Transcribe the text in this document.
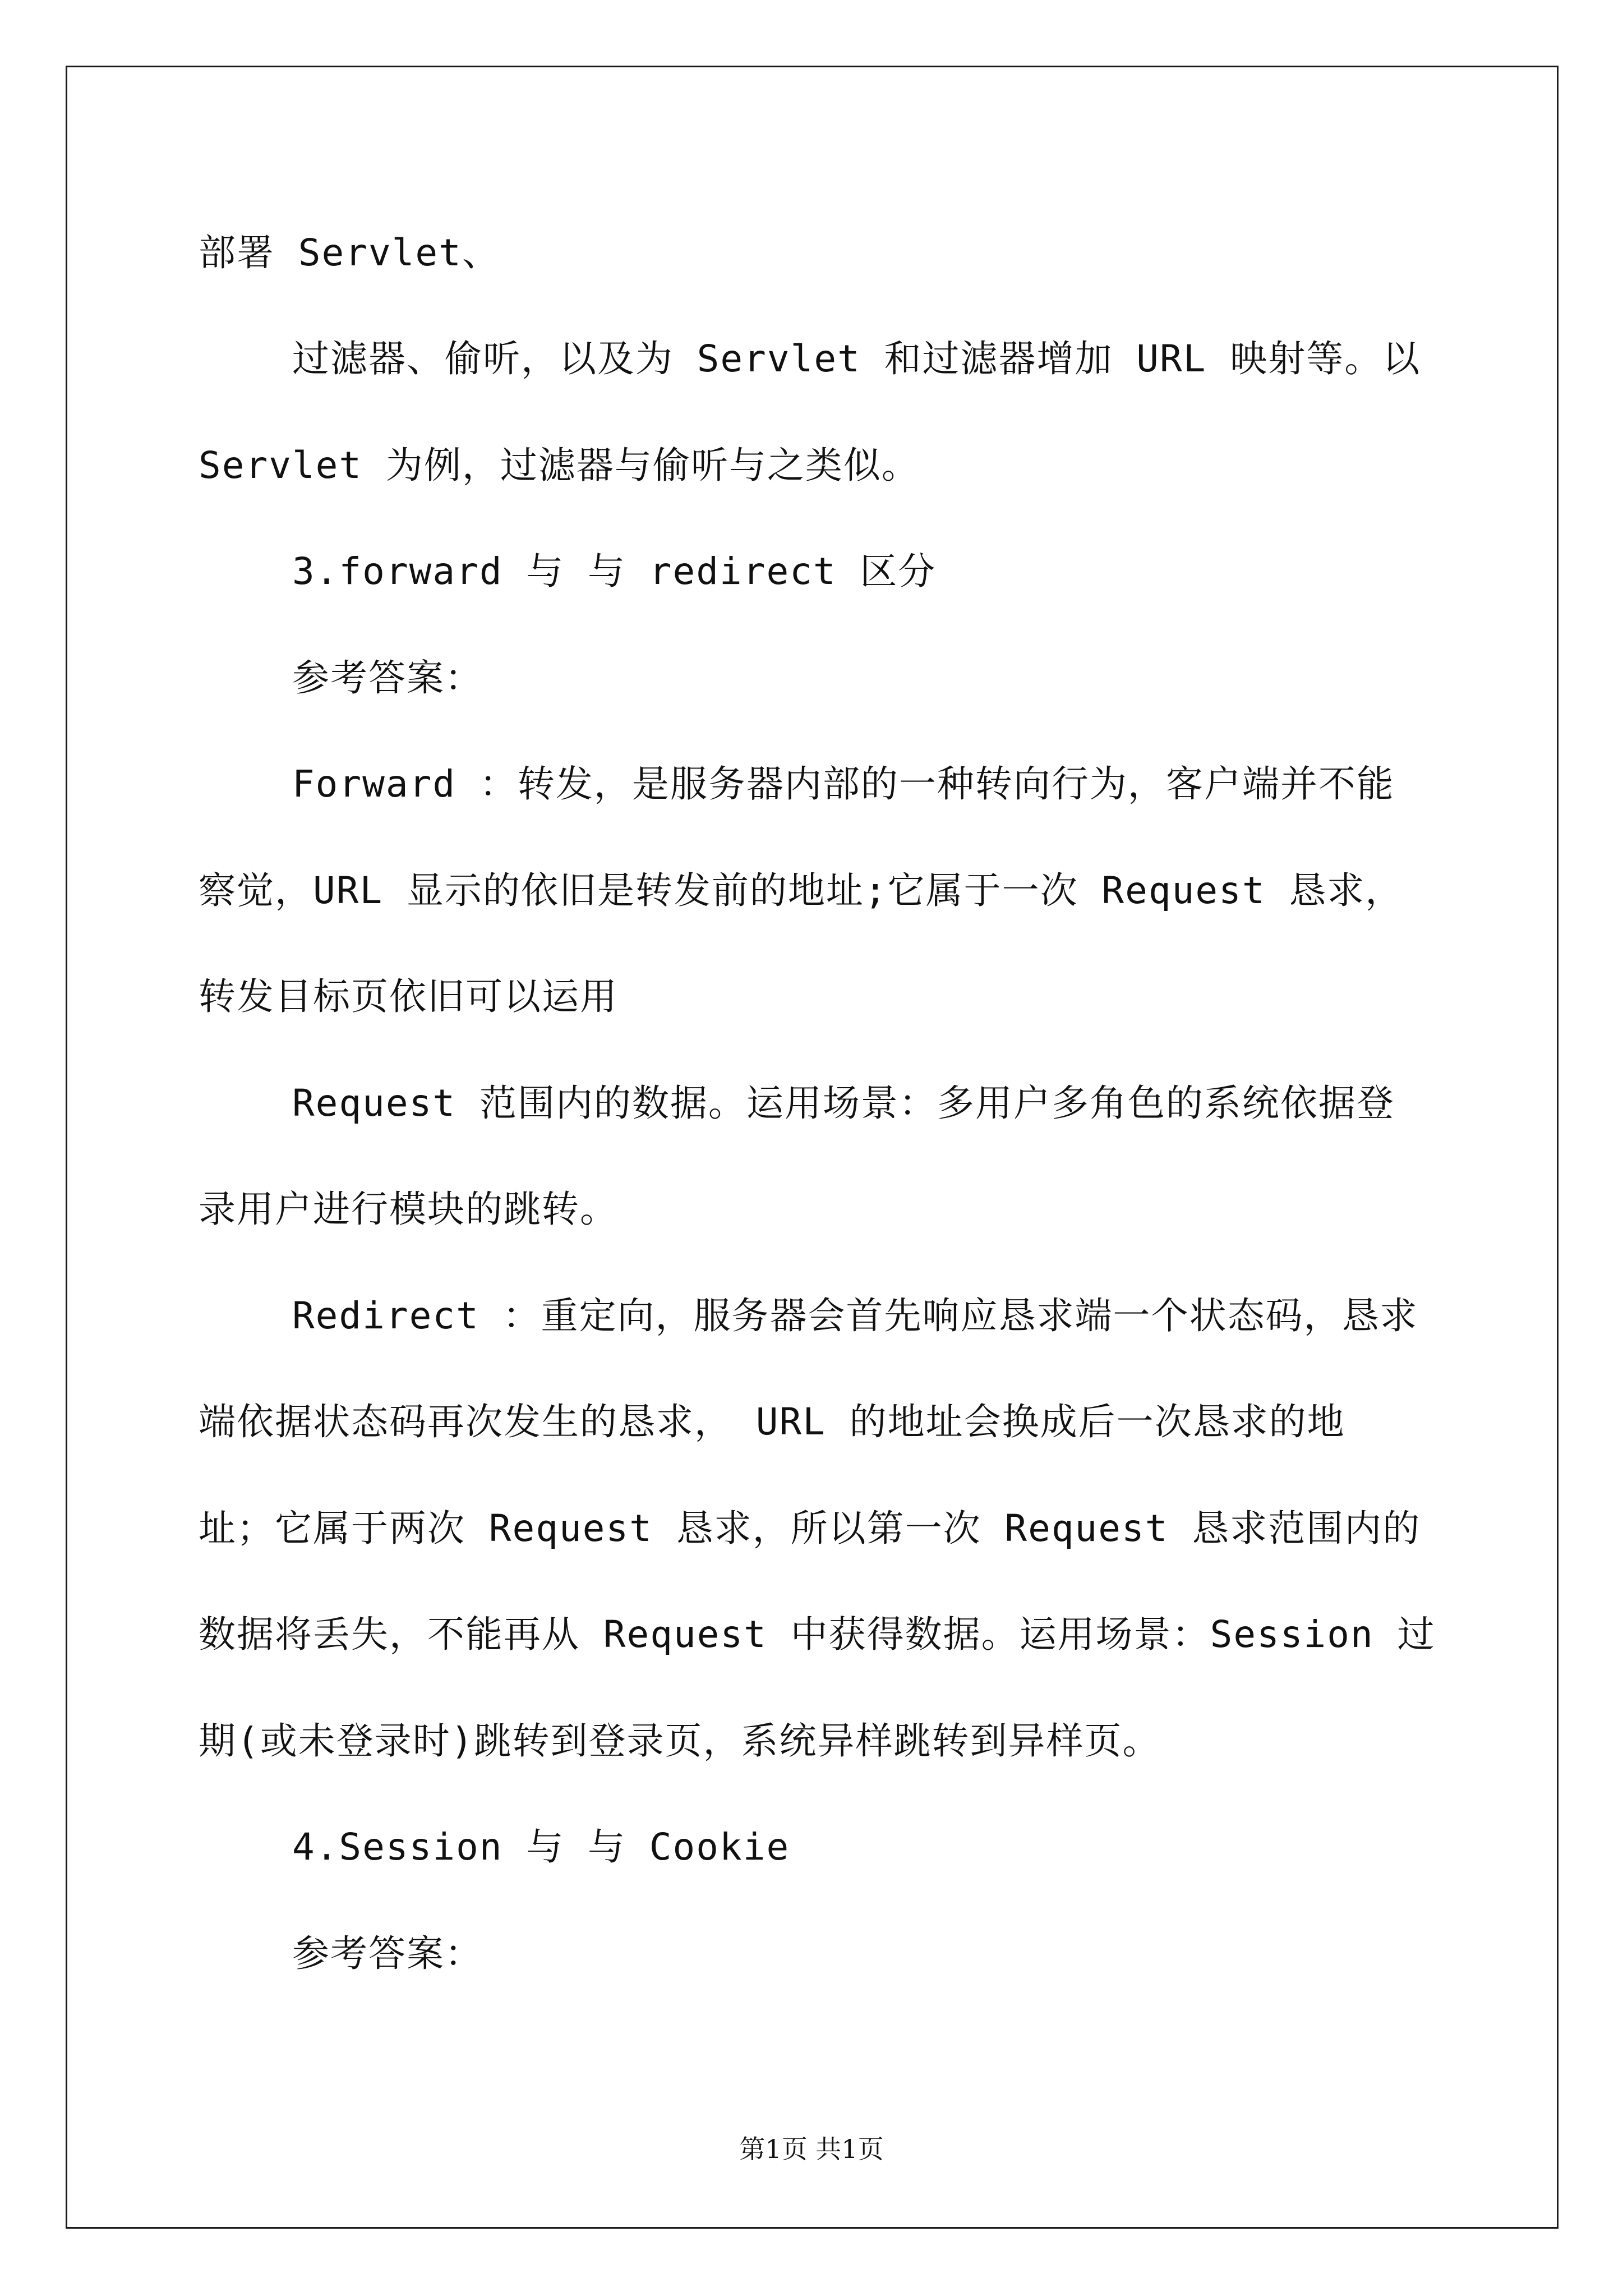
部署 Servlet、
过滤器、偷听，以及为 Servlet 和过滤器增加 URL 映射等。以
Servlet 为例，过滤器与偷听与之类似。
3.forward 与 与 redirect 区分
参考答案：
Forward ：转发，是服务器内部的一种转向行为，客户端并不能
察觉，URL 显示的依旧是转发前的地址;它属于一次 Request 恳求，
转发目标页依旧可以运用
Request 范围内的数据。运用场景：多用户多角色的系统依据登
录用户进行模块的跳转。
Redirect ：重定向，服务器会首先响应恳求端一个状态码，恳求
端依据状态码再次发生的恳求， URL 的地址会换成后一次恳求的地
址；它属于两次 Request 恳求，所以第一次 Request 恳求范围内的
数据将丢失，不能再从 Request 中获得数据。运用场景：Session 过
期(或未登录时)跳转到登录页，系统异样跳转到异样页。
4.Session 与 与 Cookie
参考答案：
第1页 共1页
